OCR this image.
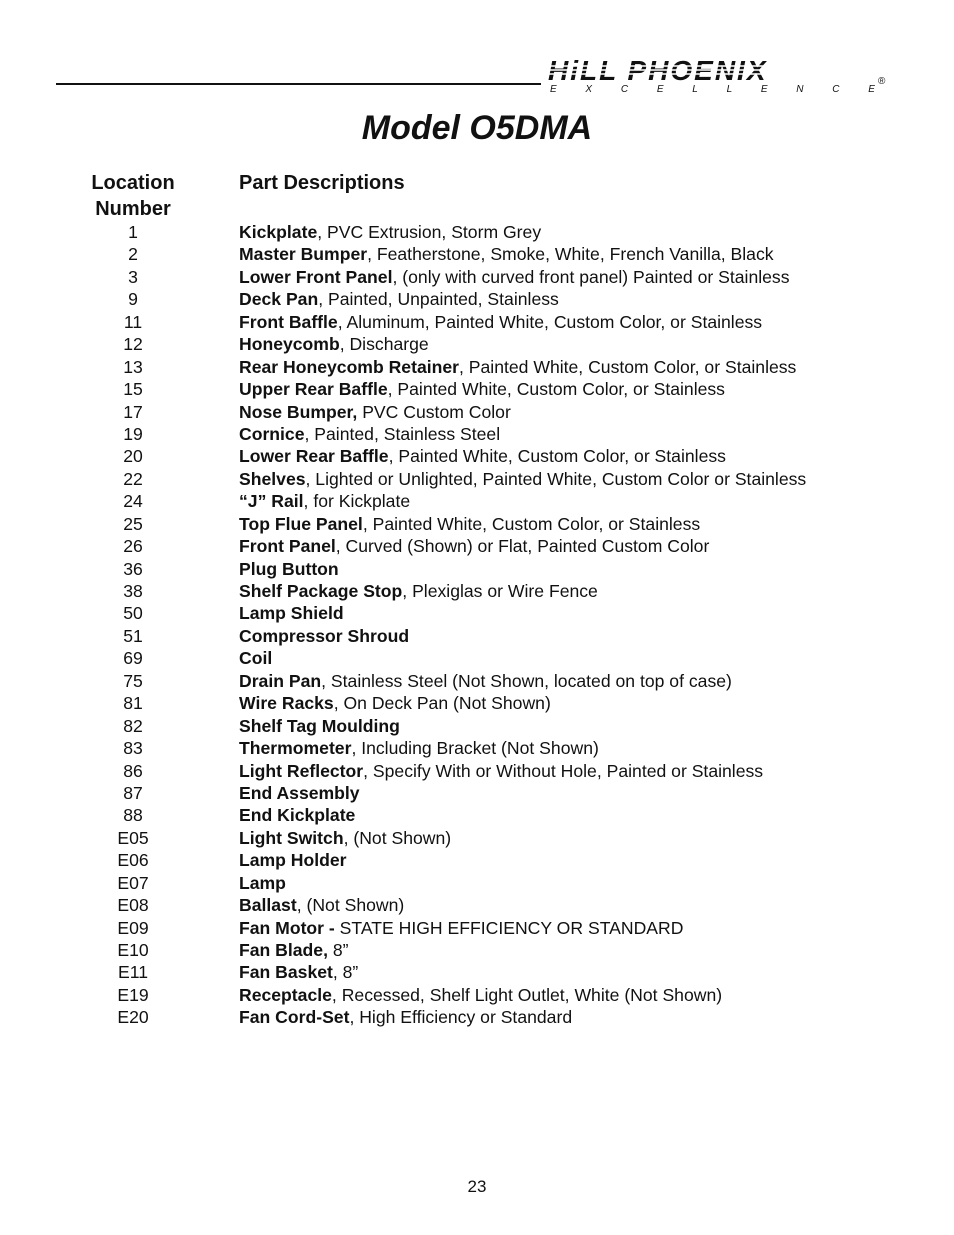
HiLL PHOENIX	®
E	X	C	E	L	L	E	N	C	E
Model O5DMA
Location
Number
Part Descriptions
1	Kickplate, PVC Extrusion, Storm Grey
2	Master Bumper, Featherstone, Smoke, White, French Vanilla, Black
3	Lower Front Panel, (only with curved front panel) Painted or Stainless
9	Deck Pan, Painted, Unpainted, Stainless
11	Front Baffle, Aluminum, Painted White, Custom Color, or Stainless
12	Honeycomb, Discharge
13	Rear Honeycomb Retainer, Painted White, Custom Color, or Stainless
15	Upper Rear Baffle, Painted White, Custom Color, or Stainless
17	Nose Bumper, PVC Custom Color
19	Cornice, Painted, Stainless Steel
20	Lower Rear Baffle, Painted White, Custom Color, or Stainless
22	Shelves, Lighted or Unlighted, Painted White, Custom Color or Stainless
24	“J” Rail, for Kickplate
25	Top Flue Panel, Painted White, Custom Color, or Stainless
26	Front Panel, Curved (Shown) or Flat, Painted Custom Color
36	Plug Button
38	Shelf Package Stop, Plexiglas or Wire Fence
50	Lamp Shield
51	Compressor Shroud
69	Coil
75	Drain Pan, Stainless Steel (Not Shown, located on top of case)
81	Wire Racks, On Deck Pan (Not Shown)
82	Shelf Tag Moulding
83	Thermometer, Including Bracket (Not Shown)
86	Light Reflector, Specify With or Without Hole, Painted or Stainless
87	End Assembly
88	End Kickplate
E05	Light Switch, (Not Shown)
E06	Lamp Holder
E07	Lamp
E08	Ballast, (Not Shown)
E09	Fan Motor - STATE HIGH EFFICIENCY OR STANDARD
E10	Fan Blade, 8”
E11	Fan Basket, 8”
E19	Receptacle, Recessed, Shelf Light Outlet, White (Not Shown)
E20	Fan Cord-Set, High Efficiency or Standard
23
